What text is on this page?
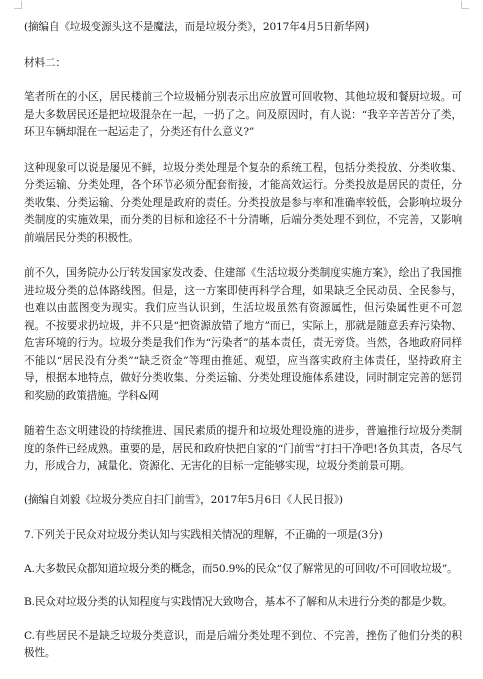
(摘编自《垃圾变源头这不是魔法，而是垃圾分类》，2017年4月5日新华网)

材料二：

笔者所在的小区，居民楼前三个垃圾桶分别表示出应放置可回收物、其他垃圾和餐厨垃圾。可是大多数居民还是把垃圾混杂在一起，一扔了之。问及原因时，有人说：“我辛辛苦苦分了类，环卫车辆却混在一起运走了，分类还有什么意义?”

这种现象可以说是屡见不鲜，垃圾分类处理是个复杂的系统工程，包括分类投放、分类收集、分类运输、分类处理，各个环节必须分配套衔接，才能高效运行。分类投放是居民的责任，分类收集、分类运输、分类处理是政府的责任。分类投放是参与率和准确率较低，会影响垃圾分类制度的实施效果，而分类的目标和途径不十分清晰，后端分类处理不到位，不完善，又影响前端居民分类的积极性。

前不久，国务院办公厅转发国家发改委、住建部《生活垃圾分类制度实施方案》，绘出了我国推进垃圾分类的总体路线图。但是，这一方案即使再科学合理，如果缺乏全民动员、全民参与，也难以由蓝图变为现实。我们应当认识到，生活垃圾虽然有资源属性，但污染属性更不可忽视。不按要求扔垃圾，并不只是“把资源放错了地方”而已，实际上，那就是随意丢弃污染物、危害环境的行为。垃圾分类是我们作为“污染者”的基本责任，责无旁贷。当然，各地政府同样不能以“居民没有分类”“缺乏资金”等理由推延、观望，应当落实政府主体责任，坚持政府主导，根据本地特点，做好分类收集、分类运输、分类处理设施体系建设，同时制定完善的惩罚和奖励的政策措施。学科&网

随着生态文明建设的持续推进、国民素质的提升和垃圾处理设施的进步，普遍推行垃圾分类制度的条件已经成熟。重要的是，居民和政府快把自家的“门前雪”打扫干净吧!各负其责，各尽气力，形成合力，减量化、资源化、无害化的目标一定能够实现，垃圾分类前景可期。

(摘编自刘毅《垃圾分类应自扫门前雪》，2017年5月6日《人民日报》)

7.下列关于民众对垃圾分类认知与实践相关情况的理解，不正确的一项是(3分)

A.大多数民众都知道垃圾分类的概念，而50.9%的民众“仅了解常见的可回收/不可回收垃圾”。

B.民众对垃圾分类的认知程度与实践情况大致吻合，基本不了解和从未进行分类的都是少数。

C.有些居民不是缺乏垃圾分类意识，而是后端分类处理不到位、不完善，挫伤了他们分类的积极性。
